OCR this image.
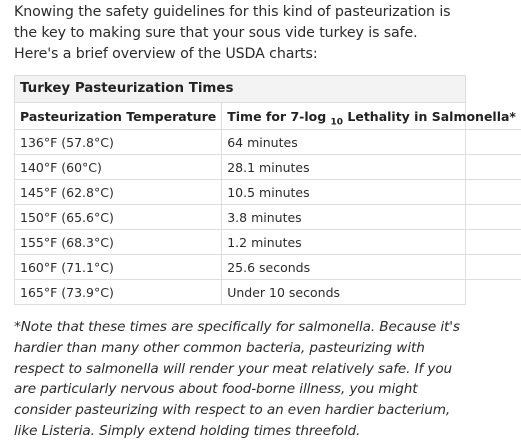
Knowing the safety guidelines for this kind of pasteurization is the key to making sure that your sous vide turkey is safe. Here's a brief overview of the USDA charts:

Turkey Pasteurization Times
Pasteurization Temperature	Time for 7-log $_{10}$ Lethality in Salmonella*
136°F (57.8°C)	64 minutes
140°F (60°C)	28.1 minutes
145°F (62.8°C)	10.5 minutes
150°F (65.6°C)	3.8 minutes
155°F (68.3°C)	1.2 minutes
160°F (71.1°C)	25.6 seconds
165°F (73.9°C)	Under 10 seconds

*Note that these times are specifically for salmonella. Because it's hardier than many other common bacteria, pasteurizing with respect to salmonella will render your meat relatively safe. If you are particularly nervous about food-borne illness, you might consider pasteurizing with respect to an even hardier bacterium, like Listeria. Simply extend holding times threefold.
